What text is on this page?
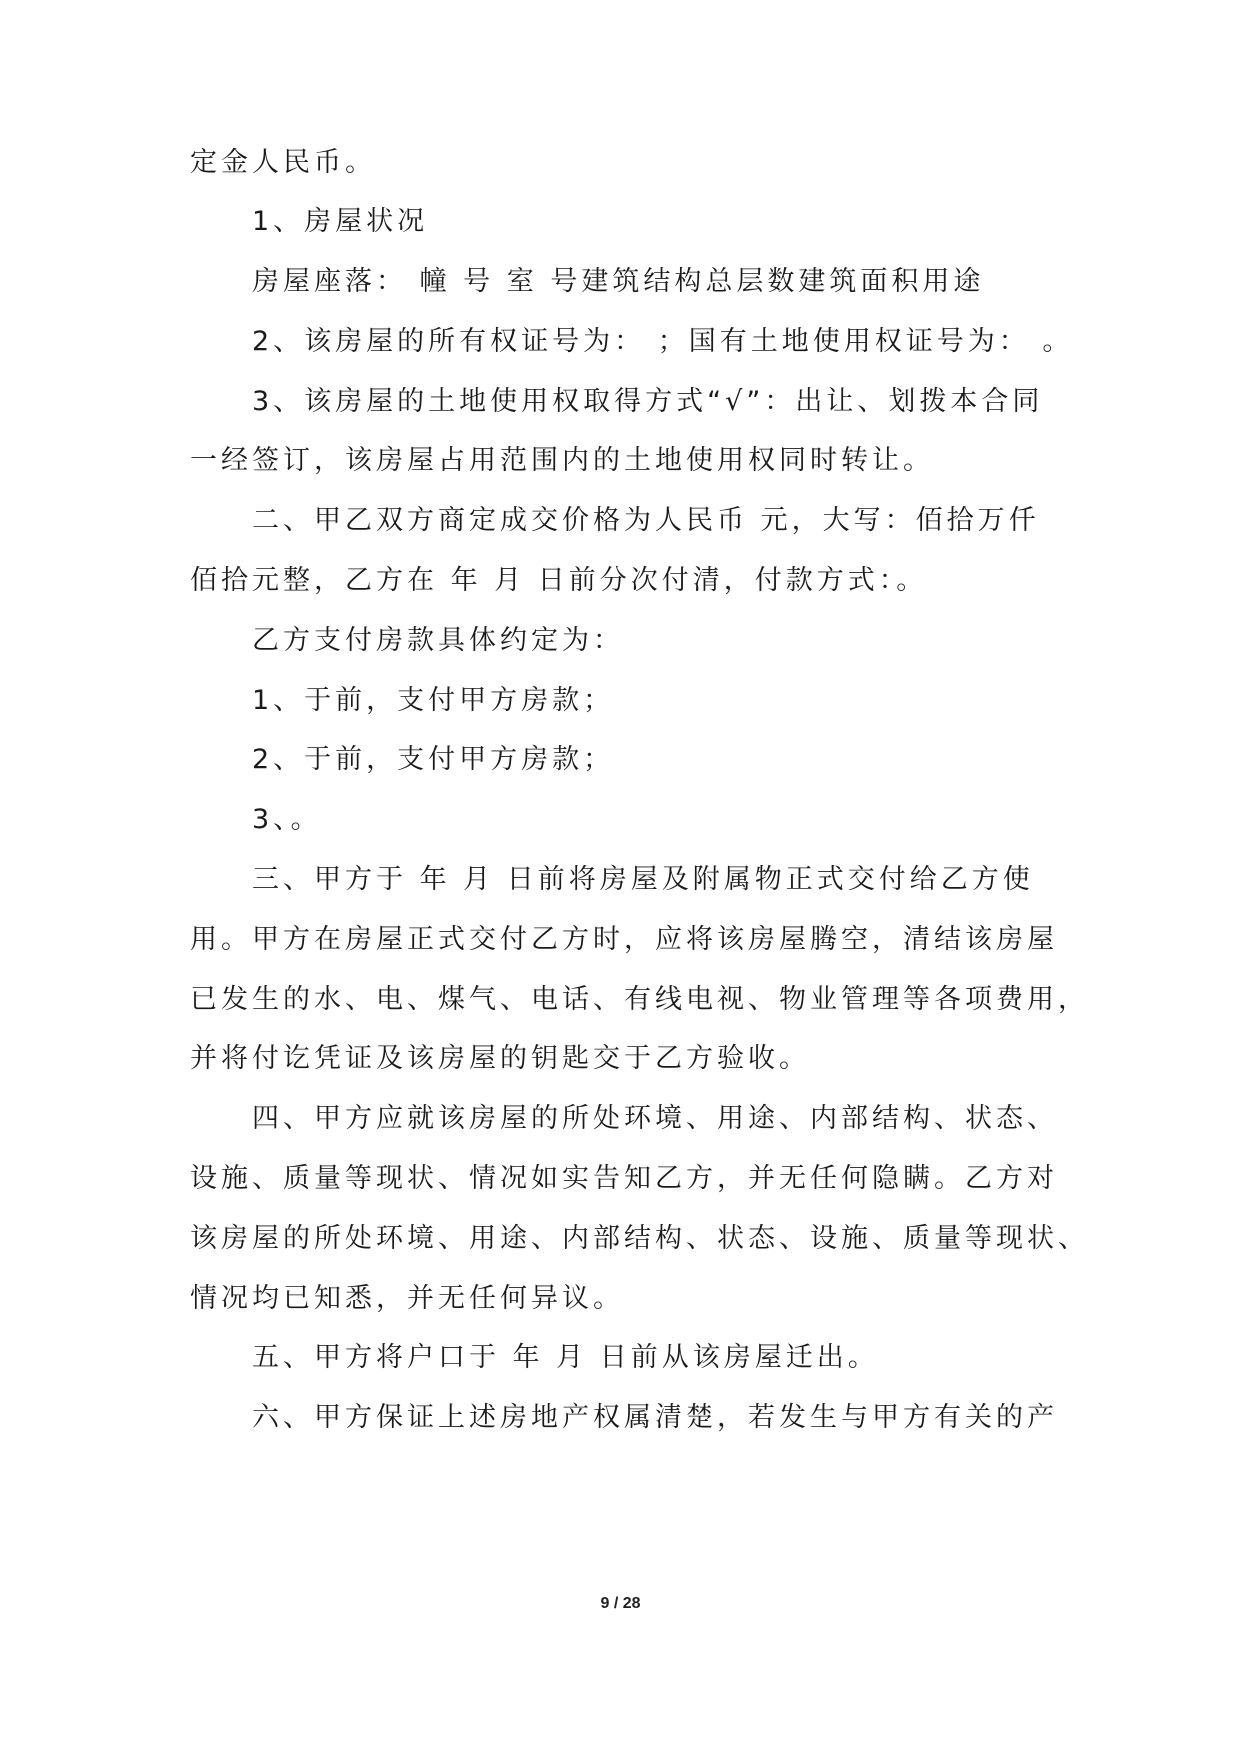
定金人民币。
1、房屋状况
房屋座落： 幢 号 室 号建筑结构总层数建筑面积用途
2、该房屋的所有权证号为： ；国有土地使用权证号为： 。
3、该房屋的土地使用权取得方式“√”：出让、划拨本合同
一经签订，该房屋占用范围内的土地使用权同时转让。
二、甲乙双方商定成交价格为人民币 元，大写：佰拾万仟
佰拾元整，乙方在 年 月 日前分次付清，付款方式：。
乙方支付房款具体约定为：
1、于前，支付甲方房款；
2、于前，支付甲方房款；
3、。
三、甲方于 年 月 日前将房屋及附属物正式交付给乙方使
用。甲方在房屋正式交付乙方时，应将该房屋腾空，清结该房屋
已发生的水、电、煤气、电话、有线电视、物业管理等各项费用，
并将付讫凭证及该房屋的钥匙交于乙方验收。
四、甲方应就该房屋的所处环境、用途、内部结构、状态、
设施、质量等现状、情况如实告知乙方，并无任何隐瞒。乙方对
该房屋的所处环境、用途、内部结构、状态、设施、质量等现状、
情况均已知悉，并无任何异议。
五、甲方将户口于 年 月 日前从该房屋迁出。
六、甲方保证上述房地产权属清楚，若发生与甲方有关的产
9 / 28
